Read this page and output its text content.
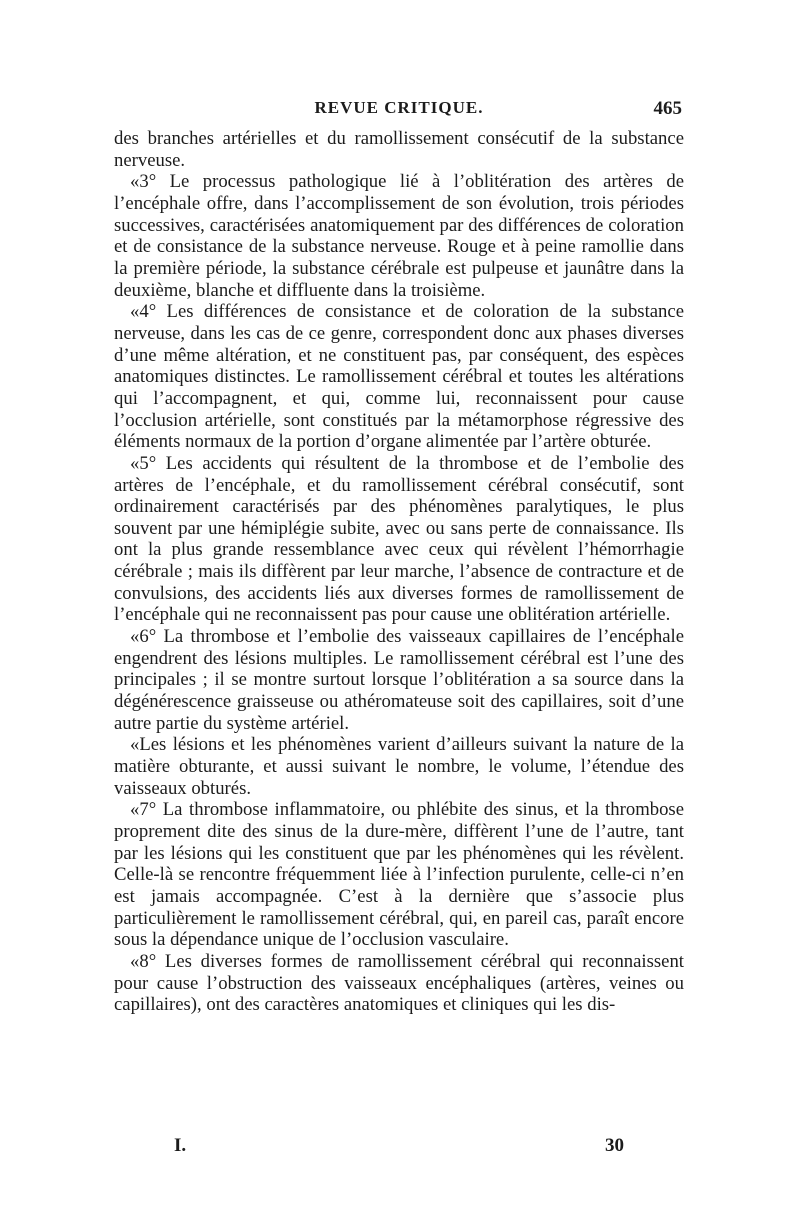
REVUE CRITIQUE.	465

des branches artérielles et du ramollissement consécutif de la substance nerveuse.

«3° Le processus pathologique lié à l’oblitération des artères de l’encéphale offre, dans l’accomplissement de son évolution, trois périodes successives, caractérisées anatomiquement par des différences de coloration et de consistance de la substance nerveuse. Rouge et à peine ramollie dans la première période, la substance cérébrale est pulpeuse et jaunâtre dans la deuxième, blanche et diffluente dans la troisième.

«4° Les différences de consistance et de coloration de la substance nerveuse, dans les cas de ce genre, correspondent donc aux phases diverses d’une même altération, et ne constituent pas, par conséquent, des espèces anatomiques distinctes. Le ramollissement cérébral et toutes les altérations qui l’accompagnent, et qui, comme lui, reconnaissent pour cause l’occlusion artérielle, sont constitués par la métamorphose régressive des éléments normaux de la portion d’organe alimentée par l’artère obturée.

«5° Les accidents qui résultent de la thrombose et de l’embolie des artères de l’encéphale, et du ramollissement cérébral consécutif, sont ordinairement caractérisés par des phénomènes paralytiques, le plus souvent par une hémiplégie subite, avec ou sans perte de connaissance. Ils ont la plus grande ressemblance avec ceux qui révèlent l’hémorrhagie cérébrale ; mais ils diffèrent par leur marche, l’absence de contracture et de convulsions, des accidents liés aux diverses formes de ramollissement de l’encéphale qui ne reconnaissent pas pour cause une oblitération artérielle.

«6° La thrombose et l’embolie des vaisseaux capillaires de l’encéphale engendrent des lésions multiples. Le ramollissement cérébral est l’une des principales ; il se montre surtout lorsque l’oblitération a sa source dans la dégénérescence graisseuse ou athéromateuse soit des capillaires, soit d’une autre partie du système artériel.

«Les lésions et les phénomènes varient d’ailleurs suivant la nature de la matière obturante, et aussi suivant le nombre, le volume, l’étendue des vaisseaux obturés.

«7° La thrombose inflammatoire, ou phlébite des sinus, et la thrombose proprement dite des sinus de la dure-mère, diffèrent l’une de l’autre, tant par les lésions qui les constituent que par les phénomènes qui les révèlent. Celle-là se rencontre fréquemment liée à l’infection purulente, celle-ci n’en est jamais accompagnée. C’est à la dernière que s’associe plus particulièrement le ramollissement cérébral, qui, en pareil cas, paraît encore sous la dépendance unique de l’occlusion vasculaire.

«8° Les diverses formes de ramollissement cérébral qui reconnaissent pour cause l’obstruction des vaisseaux encéphaliques (artères, veines ou capillaires), ont des caractères anatomiques et cliniques qui les dis-

I.	30
